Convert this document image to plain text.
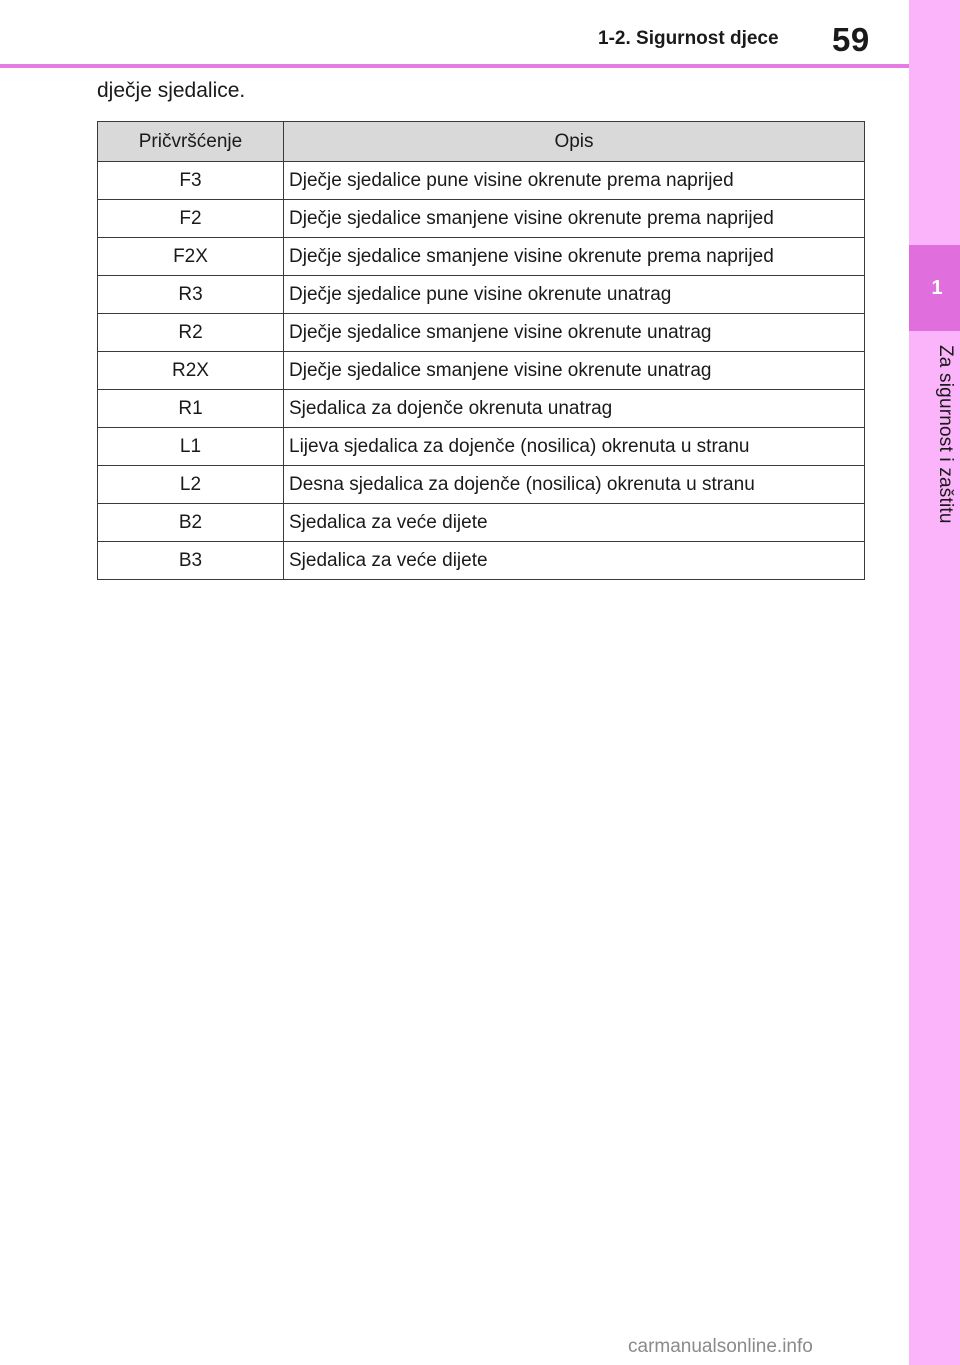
1
Za sigurnost i zaštitu
1-2. Sigurnost djece 59
dječje sjedalice.
Pričvršćenje	Opis
F3	Dječje sjedalice pune visine okrenute prema naprijed
F2	Dječje sjedalice smanjene visine okrenute prema naprijed
F2X	Dječje sjedalice smanjene visine okrenute prema naprijed
R3	Dječje sjedalice pune visine okrenute unatrag
R2	Dječje sjedalice smanjene visine okrenute unatrag
R2X	Dječje sjedalice smanjene visine okrenute unatrag
R1	Sjedalica za dojenče okrenuta unatrag
L1	Lijeva sjedalica za dojenče (nosilica) okrenuta u stranu
L2	Desna sjedalica za dojenče (nosilica) okrenuta u stranu
B2	Sjedalica za veće dijete
B3	Sjedalica za veće dijete
carmanualsonline.info
